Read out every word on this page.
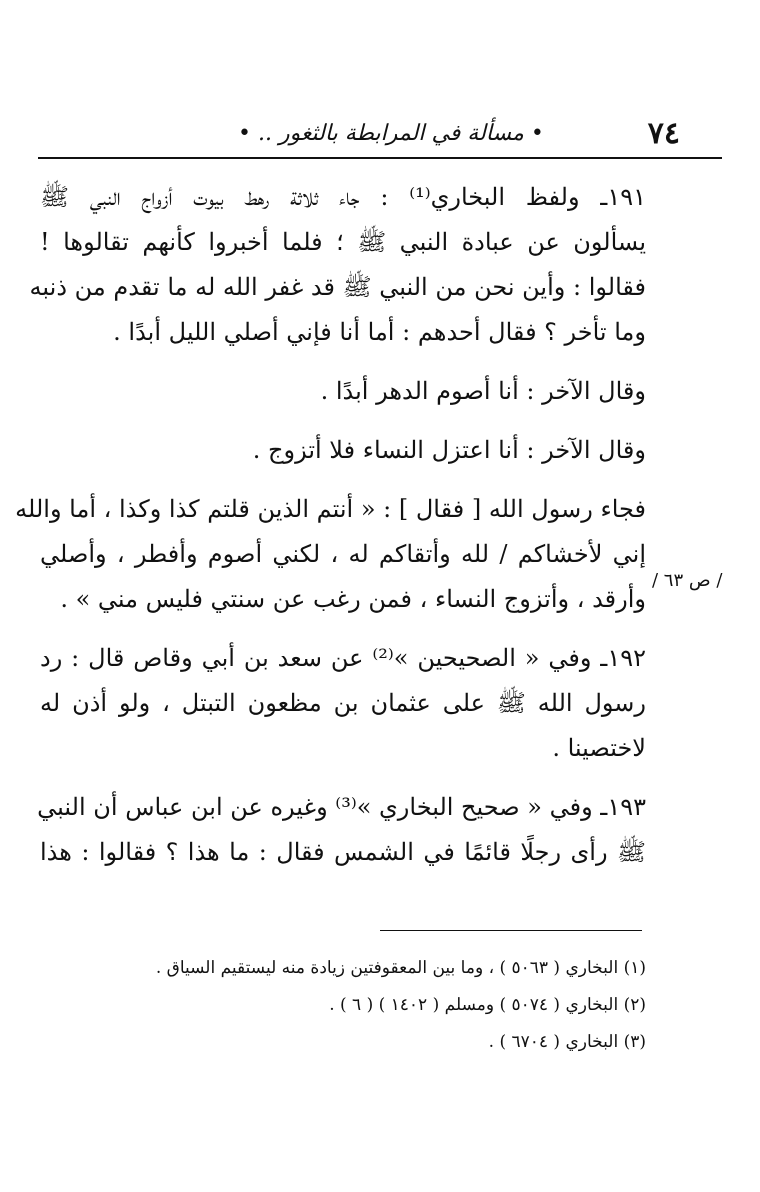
٧٤
• مسألة في المرابطة بالثغور .. •
/ ص ٦٣ /
١٩١ـ ولفظ البخاري⁽¹⁾ : جاء ثلاثة رهط بيوت أزواج النبي ﷺ
يسألون عن عبادة النبي ﷺ ؛ فلما أخبروا كأنهم تقالوها !
فقالوا : وأين نحن من النبي ﷺ قد غفر الله له ما تقدم من ذنبه
وما تأخر ؟ فقال أحدهم : أما أنا فإني أصلي الليل أبدًا .
وقال الآخر : أنا أصوم الدهر أبدًا .
وقال الآخر : أنا اعتزل النساء فلا أتزوج .
فجاء رسول الله [ فقال ] : « أنتم الذين قلتم كذا وكذا ، أما والله
إني لأخشاكم / لله وأتقاكم له ، لكني أصوم وأفطر ، وأصلي
وأرقد ، وأتزوج النساء ، فمن رغب عن سنتي فليس مني » .
١٩٢ـ وفي « الصحيحين »⁽²⁾ عن سعد بن أبي وقاص قال : رد
رسول الله ﷺ على عثمان بن مظعون التبتل ، ولو أذن له
لاختصينا .
١٩٣ـ وفي « صحيح البخاري »⁽³⁾ وغيره عن ابن عباس أن النبي
ﷺ رأى رجلًا قائمًا في الشمس فقال : ما هذا ؟ فقالوا : هذا
(١) البخاري ( ٥٠٦٣ ) ، وما بين المعقوفتين زيادة منه ليستقيم السياق .
(٢) البخاري ( ٥٠٧٤ ) ومسلم ( ١٤٠٢ ) ( ٦ ) .
(٣) البخاري ( ٦٧٠٤ ) .
